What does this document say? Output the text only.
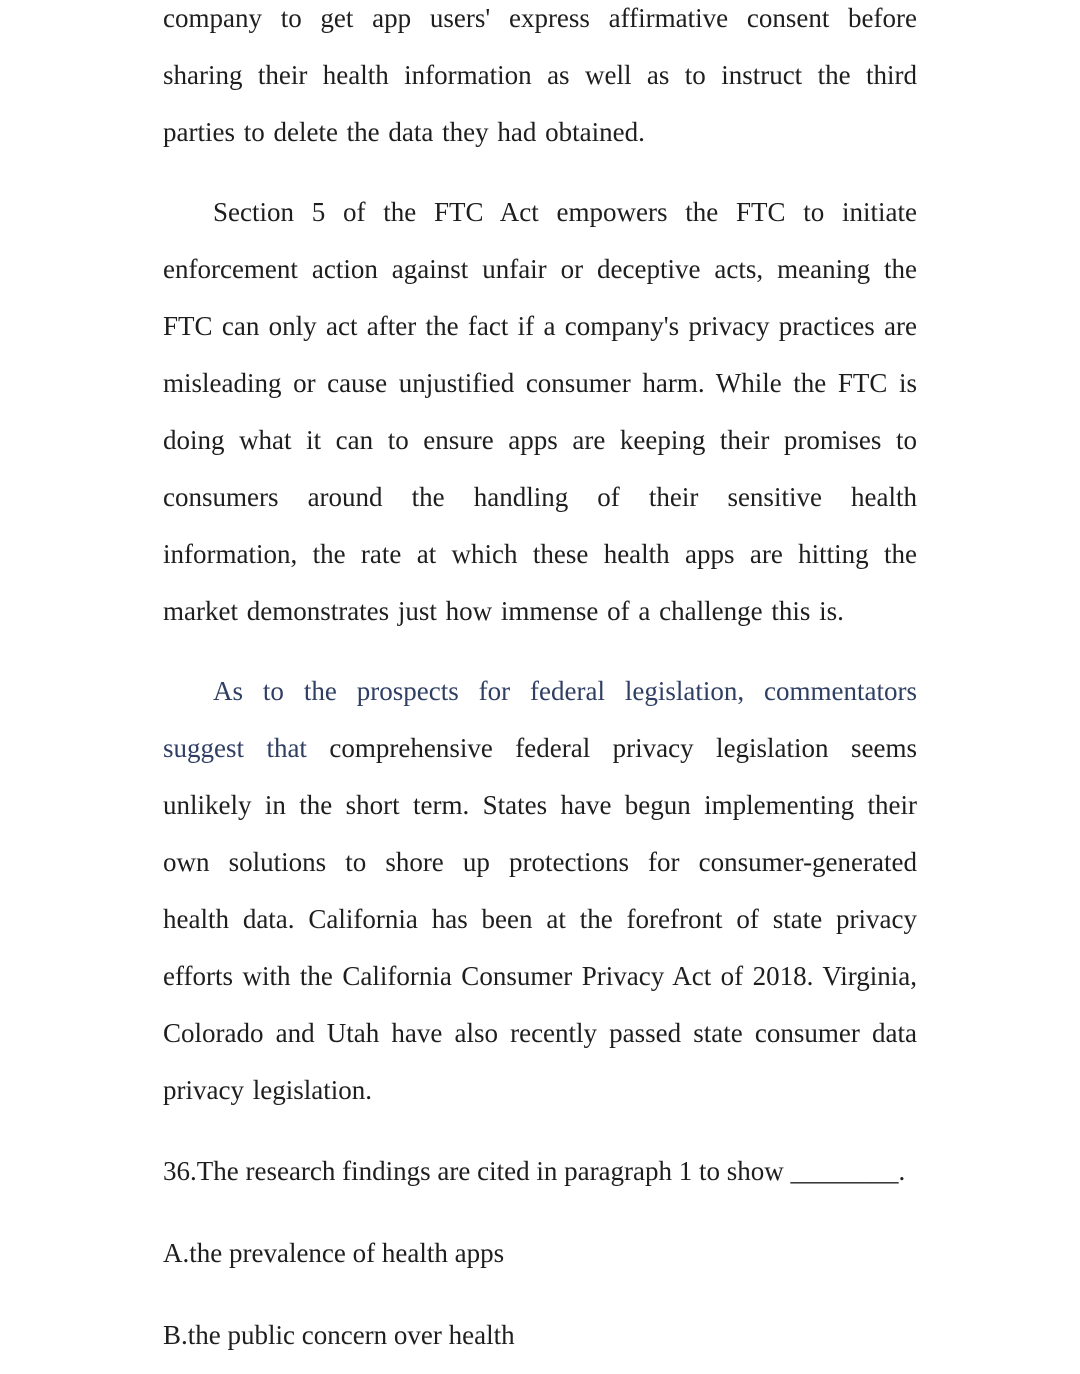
company to get app users' express affirmative consent before sharing their health information as well as to instruct the third parties to delete the data they had obtained.

Section 5 of the FTC Act empowers the FTC to initiate enforcement action against unfair or deceptive acts, meaning the FTC can only act after the fact if a company's privacy practices are misleading or cause unjustified consumer harm. While the FTC is doing what it can to ensure apps are keeping their promises to consumers around the handling of their sensitive health information, the rate at which these health apps are hitting the market demonstrates just how immense of a challenge this is.

As to the prospects for federal legislation, commentators suggest that comprehensive federal privacy legislation seems unlikely in the short term. States have begun implementing their own solutions to shore up protections for consumer-generated health data. California has been at the forefront of state privacy efforts with the California Consumer Privacy Act of 2018. Virginia, Colorado and Utah have also recently passed state consumer data privacy legislation.

36.The research findings are cited in paragraph 1 to show ________.

A.the prevalence of health apps

B.the public concern over health
